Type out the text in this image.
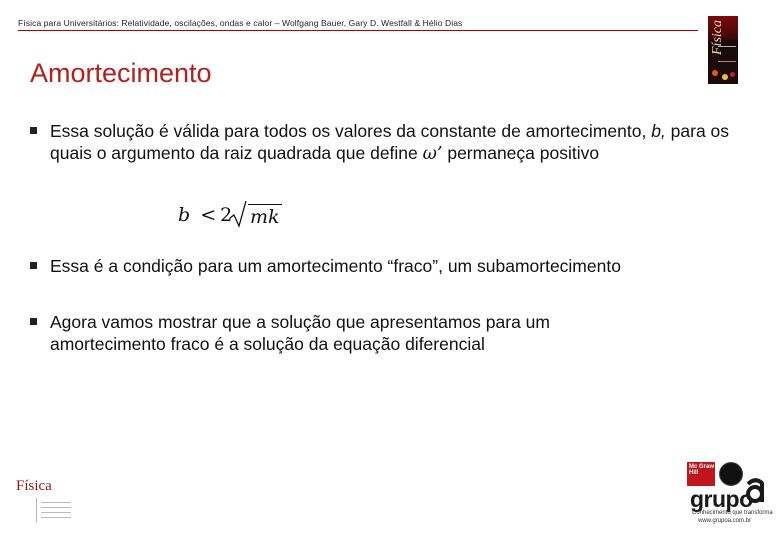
Física para Universitários: Relatividade, oscilações, ondas e calor – Wolfgang Bauer, Gary D. Westfall & Hélio Dias	Física
Amortecimento
Essa solução é válida para todos os valores da constante de amortecimento, b, para os quais o argumento da raiz quadrada que define ω’ permaneça positivo
b < 2 mk
Essa é a condição para um amortecimento “fraco”, um subamortecimento
Agora vamos mostrar que a solução que apresentamos para um amortecimento fraco é a solução da equação diferencial
Física
Mc Graw Hill
grupo
Conhecimento que transforma
www.grupoa.com.br
